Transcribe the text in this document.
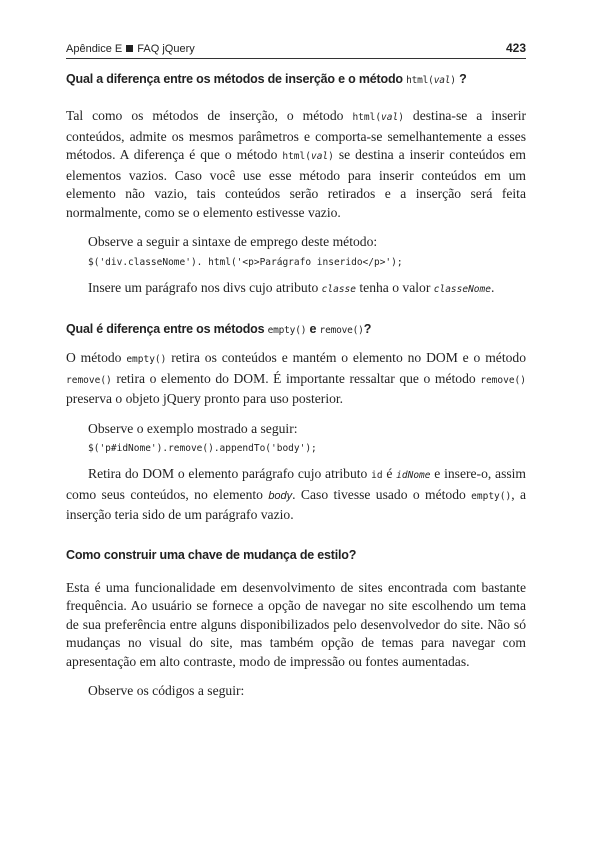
Apêndice E FAQ jQuery	423
Qual a diferença entre os métodos de inserção e o método html(val) ?

Tal como os métodos de inserção, o método html(val) destina-se a inserir conteúdos, admite os mesmos parâmetros e comporta-se semelhantemente a esses métodos. A diferença é que o método html(val) se destina a inserir conteúdos em elementos vazios. Caso você use esse método para inserir conteúdos em um elemento não vazio, tais conteúdos serão retirados e a inserção será feita normalmente, como se o elemento estivesse vazio.

Observe a seguir a sintaxe de emprego deste método:

$('div.classeNome'). html('<p>Parágrafo inserido</p>');

Insere um parágrafo nos divs cujo atributo classe tenha o valor classeNome.

Qual é diferença entre os métodos empty() e remove()?

O método empty() retira os conteúdos e mantém o elemento no DOM e o método remove() retira o elemento do DOM. É importante ressaltar que o método remove() preserva o objeto jQuery pronto para uso posterior.

Observe o exemplo mostrado a seguir:

$('p#idNome').remove().appendTo('body');

Retira do DOM o elemento parágrafo cujo atributo id é idNome e insere-o, assim como seus conteúdos, no elemento body. Caso tivesse usado o método empty(), a inserção teria sido de um parágrafo vazio.

Como construir uma chave de mudança de estilo?

Esta é uma funcionalidade em desenvolvimento de sites encontrada com bastante frequência. Ao usuário se fornece a opção de navegar no site escolhendo um tema de sua preferência entre alguns disponibilizados pelo desenvolvedor do site. Não só mudanças no visual do site, mas também opção de temas para navegar com apresentação em alto contraste, modo de impressão ou fontes aumentadas.

Observe os códigos a seguir:
